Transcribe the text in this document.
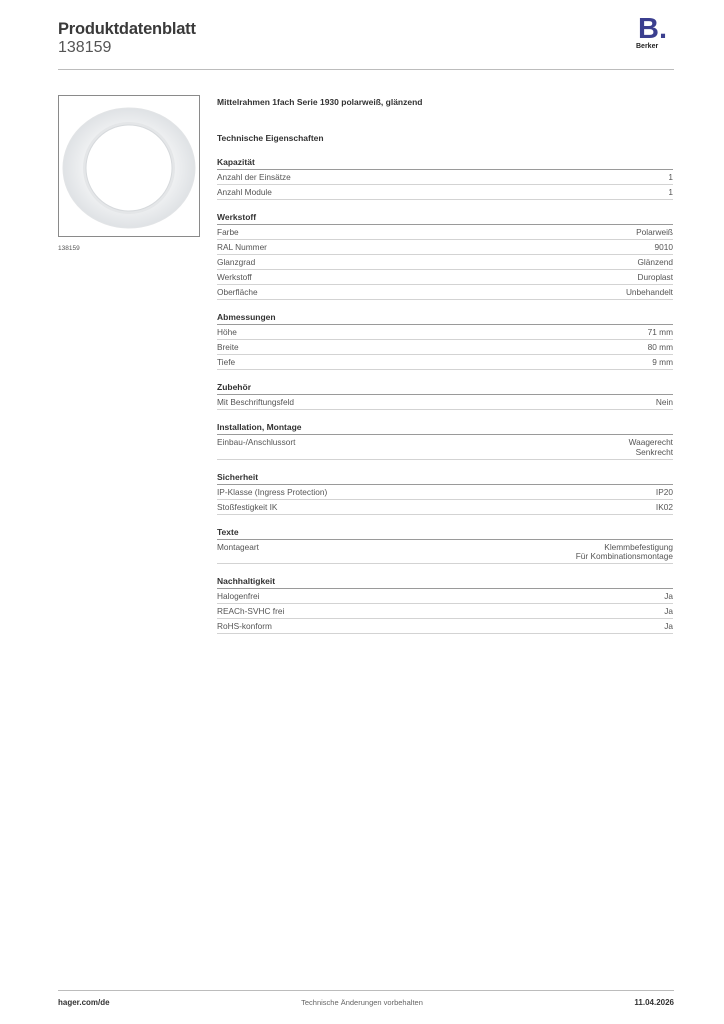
Produktdatenblatt
138159
B.
Berker
138159
Mittelrahmen 1fach Serie 1930 polarweiß, glänzend
Technische Eigenschaften
Kapazität
Anzahl der Einsätze	1
Anzahl Module	1
Werkstoff
Farbe	Polarweiß
RAL Nummer	9010
Glanzgrad	Glänzend
Werkstoff	Duroplast
Oberfläche	Unbehandelt
Abmessungen
Höhe	71 mm
Breite	80 mm
Tiefe	9 mm
Zubehör
Mit Beschriftungsfeld	Nein
Installation, Montage
Einbau-/Anschlussort	Waagerecht
Senkrecht
Sicherheit
IP-Klasse (Ingress Protection)	IP20
Stoßfestigkeit IK	IK02
Texte
Montageart	Klemmbefestigung
Für Kombinationsmontage
Nachhaltigkeit
Halogenfrei	Ja
REACh-SVHC frei	Ja
RoHS-konform	Ja
hager.com/de	Technische Änderungen vorbehalten	11.04.2026
